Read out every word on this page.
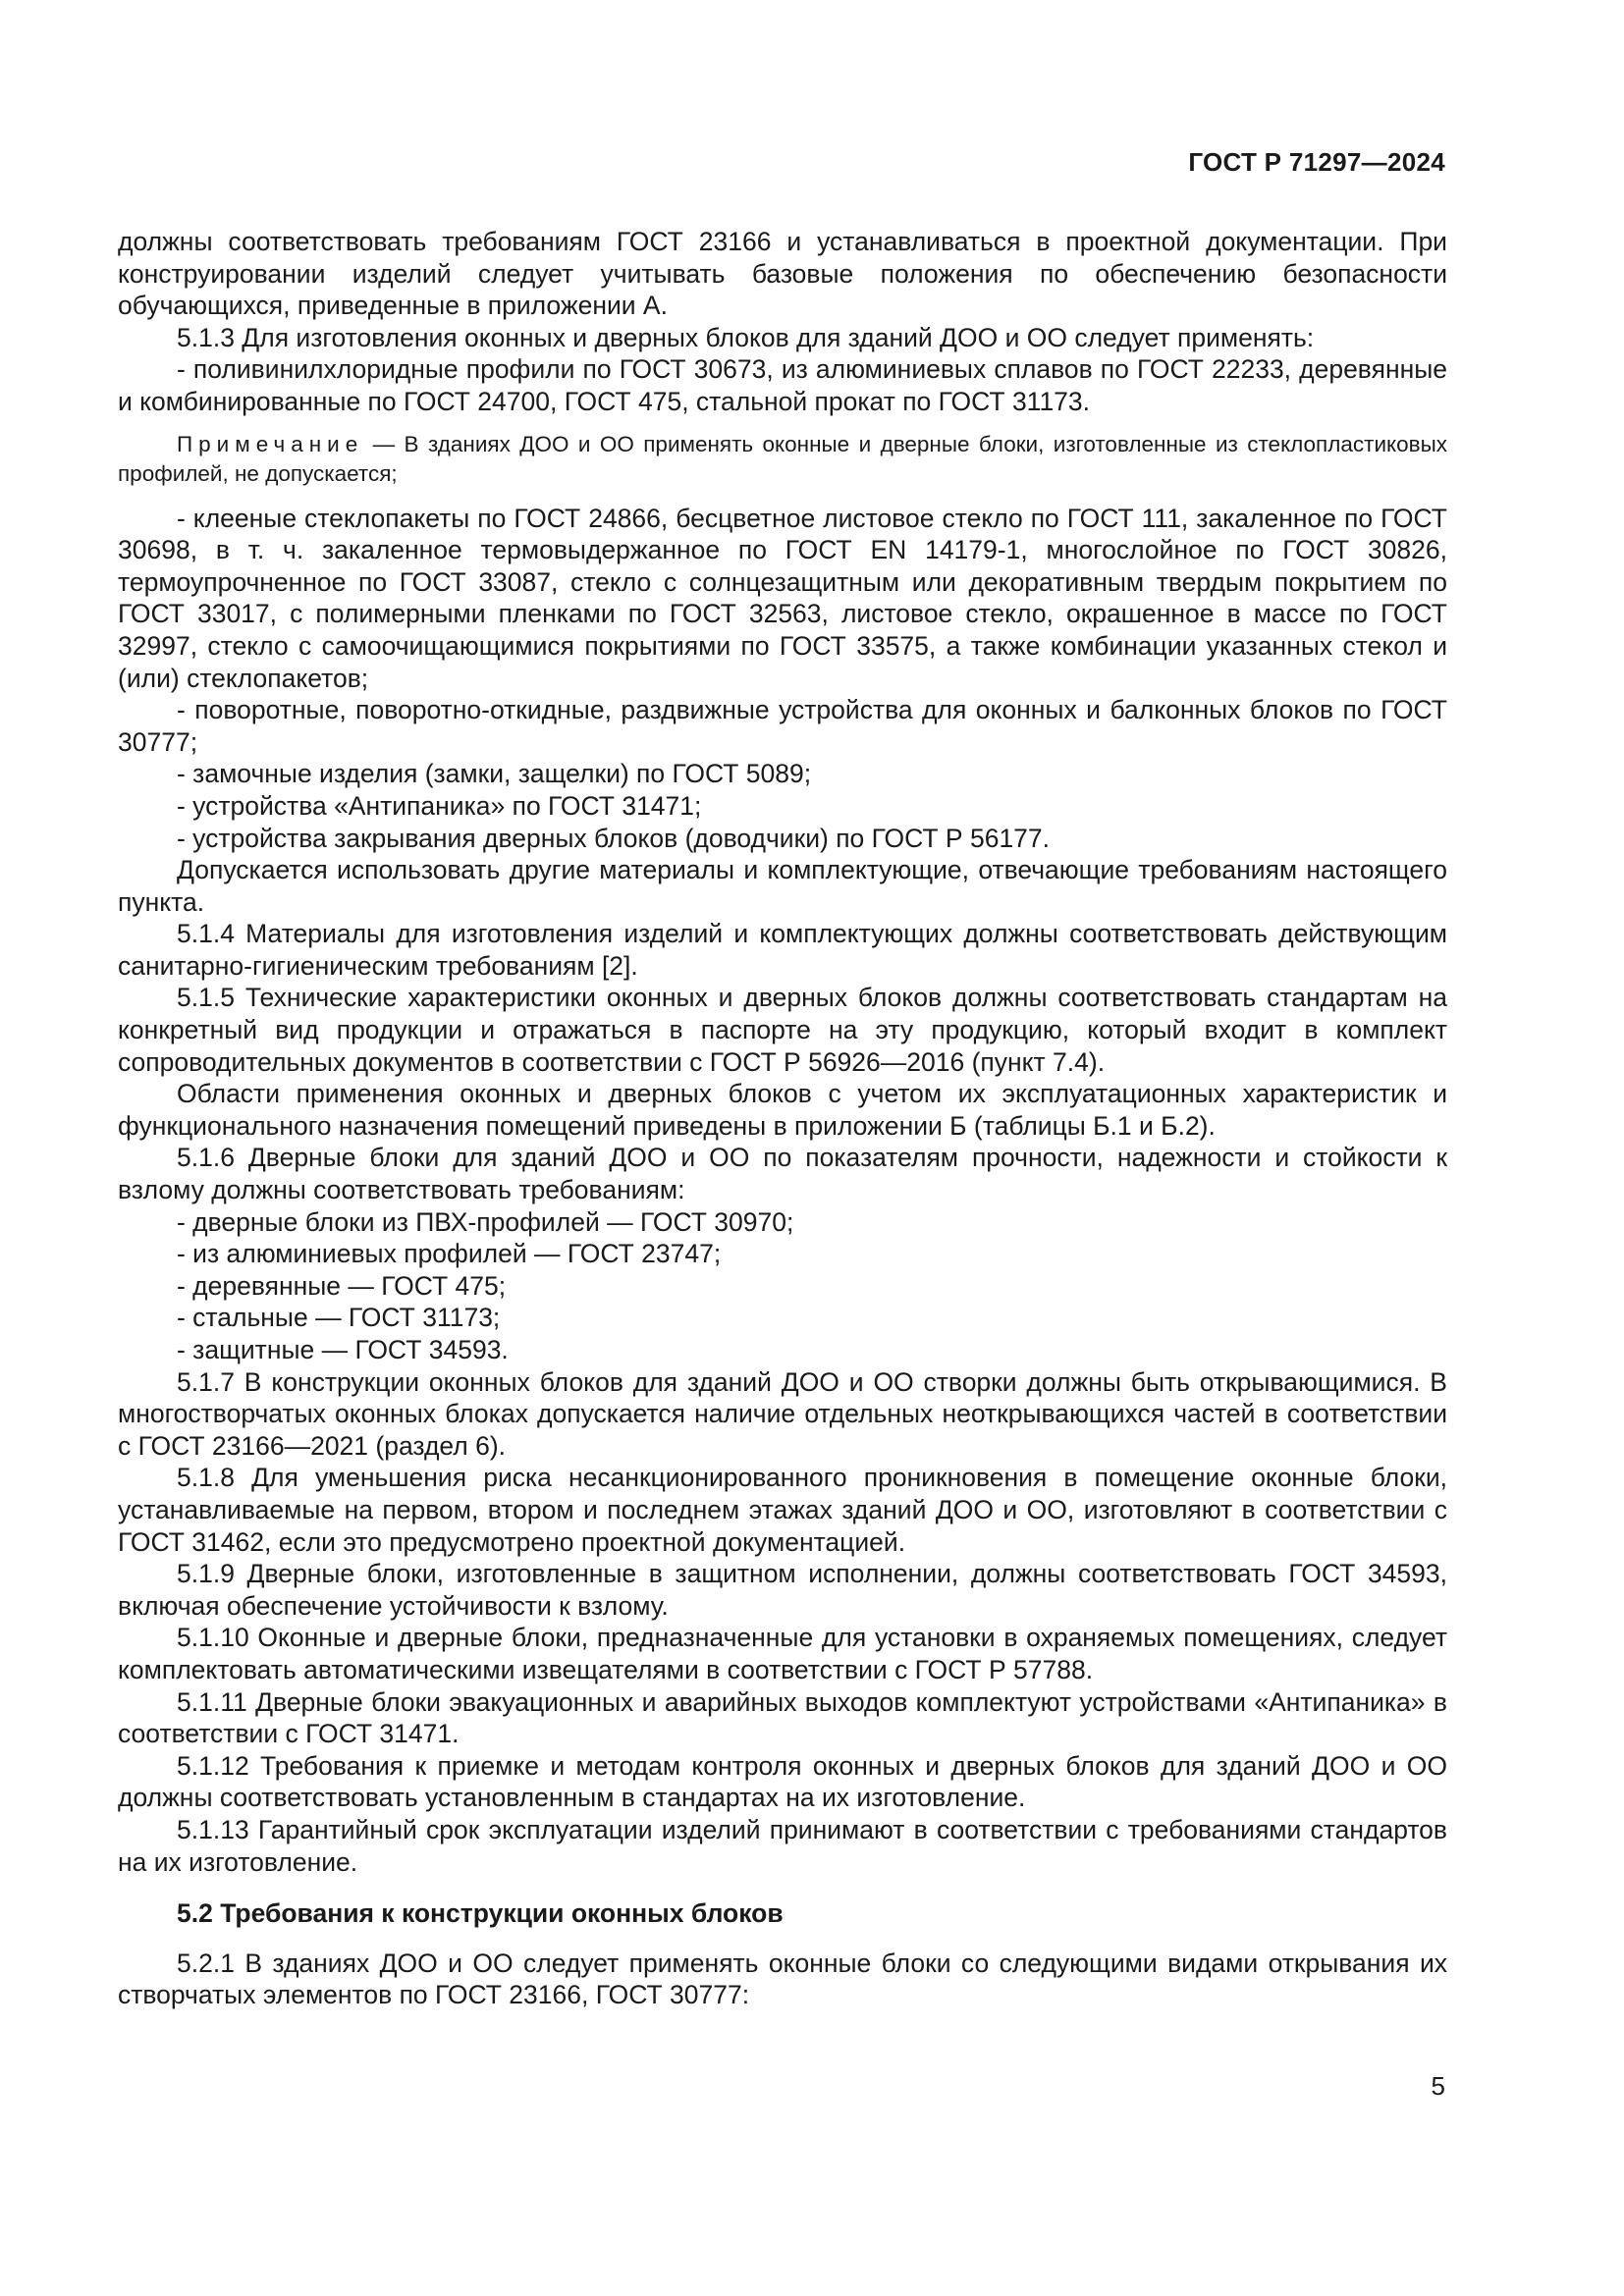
ГОСТ Р 71297—2024

должны соответствовать требованиям ГОСТ 23166 и устанавливаться в проектной документации. При конструировании изделий следует учитывать базовые положения по обеспечению безопасности обучающихся, приведенные в приложении А.

5.1.3 Для изготовления оконных и дверных блоков для зданий ДОО и ОО следует применять:

- поливинилхлоридные профили по ГОСТ 30673, из алюминиевых сплавов по ГОСТ 22233, деревянные и комбинированные по ГОСТ 24700, ГОСТ 475, стальной прокат по ГОСТ 31173.

Примечание — В зданиях ДОО и ОО применять оконные и дверные блоки, изготовленные из стеклопластиковых профилей, не допускается;

- клееные стеклопакеты по ГОСТ 24866, бесцветное листовое стекло по ГОСТ 111, закаленное по ГОСТ 30698, в т. ч. закаленное термовыдержанное по ГОСТ EN 14179-1, многослойное по ГОСТ 30826, термоупрочненное по ГОСТ 33087, стекло с солнцезащитным или декоративным твердым покрытием по ГОСТ 33017, с полимерными пленками по ГОСТ 32563, листовое стекло, окрашенное в массе по ГОСТ 32997, стекло с самоочищающимися покрытиями по ГОСТ 33575, а также комбинации указанных стекол и (или) стеклопакетов;

- поворотные, поворотно-откидные, раздвижные устройства для оконных и балконных блоков по ГОСТ 30777;

- замочные изделия (замки, защелки) по ГОСТ 5089;

- устройства «Антипаника» по ГОСТ 31471;

- устройства закрывания дверных блоков (доводчики) по ГОСТ Р 56177.

Допускается использовать другие материалы и комплектующие, отвечающие требованиям настоящего пункта.

5.1.4 Материалы для изготовления изделий и комплектующих должны соответствовать действующим санитарно-гигиеническим требованиям [2].

5.1.5 Технические характеристики оконных и дверных блоков должны соответствовать стандартам на конкретный вид продукции и отражаться в паспорте на эту продукцию, который входит в комплект сопроводительных документов в соответствии с ГОСТ Р 56926—2016 (пункт 7.4).

Области применения оконных и дверных блоков с учетом их эксплуатационных характеристик и функционального назначения помещений приведены в приложении Б (таблицы Б.1 и Б.2).

5.1.6 Дверные блоки для зданий ДОО и ОО по показателям прочности, надежности и стойкости к взлому должны соответствовать требованиям:

- дверные блоки из ПВХ-профилей — ГОСТ 30970;

- из алюминиевых профилей — ГОСТ 23747;

- деревянные — ГОСТ 475;

- стальные — ГОСТ 31173;

- защитные — ГОСТ 34593.

5.1.7 В конструкции оконных блоков для зданий ДОО и ОО створки должны быть открывающимися. В многостворчатых оконных блоках допускается наличие отдельных неоткрывающихся частей в соответствии с ГОСТ 23166—2021 (раздел 6).

5.1.8 Для уменьшения риска несанкционированного проникновения в помещение оконные блоки, устанавливаемые на первом, втором и последнем этажах зданий ДОО и ОО, изготовляют в соответствии с ГОСТ 31462, если это предусмотрено проектной документацией.

5.1.9 Дверные блоки, изготовленные в защитном исполнении, должны соответствовать ГОСТ 34593, включая обеспечение устойчивости к взлому.

5.1.10 Оконные и дверные блоки, предназначенные для установки в охраняемых помещениях, следует комплектовать автоматическими извещателями в соответствии с ГОСТ Р 57788.

5.1.11 Дверные блоки эвакуационных и аварийных выходов комплектуют устройствами «Антипаника» в соответствии с ГОСТ 31471.

5.1.12 Требования к приемке и методам контроля оконных и дверных блоков для зданий ДОО и ОО должны соответствовать установленным в стандартах на их изготовление.

5.1.13 Гарантийный срок эксплуатации изделий принимают в соответствии с требованиями стандартов на их изготовление.

5.2 Требования к конструкции оконных блоков

5.2.1 В зданиях ДОО и ОО следует применять оконные блоки со следующими видами открывания их створчатых элементов по ГОСТ 23166, ГОСТ 30777:

5
